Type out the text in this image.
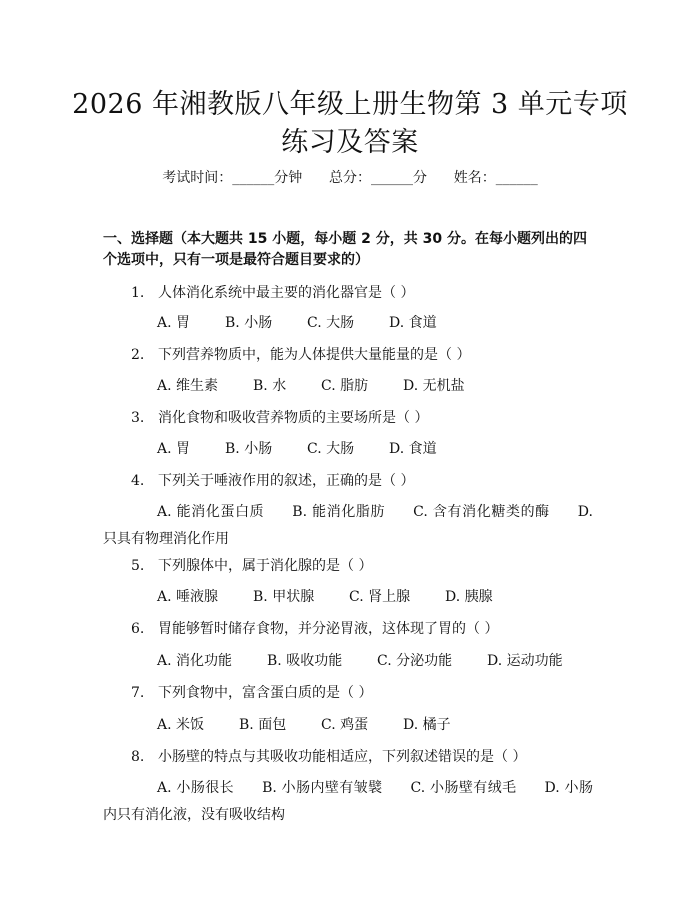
2026 年湘教版八年级上册生物第 3 单元专项
练习及答案
考试时间：______分钟      总分：______分      姓名：______
一、选择题（本大题共 15 小题，每小题 2 分，共 30 分。在每小题列出的四个选项中，只有一项是最符合题目要求的）
1. 人体消化系统中最主要的消化器官是（ ）
A. 胃 B. 小肠 C. 大肠 D. 食道
2. 下列营养物质中，能为人体提供大量能量的是（ ）
A. 维生素 B. 水 C. 脂肪 D. 无机盐
3. 消化食物和吸收营养物质的主要场所是（ ）
A. 胃 B. 小肠 C. 大肠 D. 食道
4. 下列关于唾液作用的叙述，正确的是（ ）
A. 能消化蛋白质 B. 能消化脂肪 C. 含有消化糖类的酶 D. 只具有物理消化作用
5. 下列腺体中，属于消化腺的是（ ）
A. 唾液腺 B. 甲状腺 C. 肾上腺 D. 胰腺
6. 胃能够暂时储存食物，并分泌胃液，这体现了胃的（ ）
A. 消化功能 B. 吸收功能 C. 分泌功能 D. 运动功能
7. 下列食物中，富含蛋白质的是（ ）
A. 米饭 B. 面包 C. 鸡蛋 D. 橘子
8. 小肠壁的特点与其吸收功能相适应，下列叙述错误的是（ ）
A. 小肠很长 B. 小肠内壁有皱襞 C. 小肠壁有绒毛 D. 小肠内只有消化液，没有吸收结构
